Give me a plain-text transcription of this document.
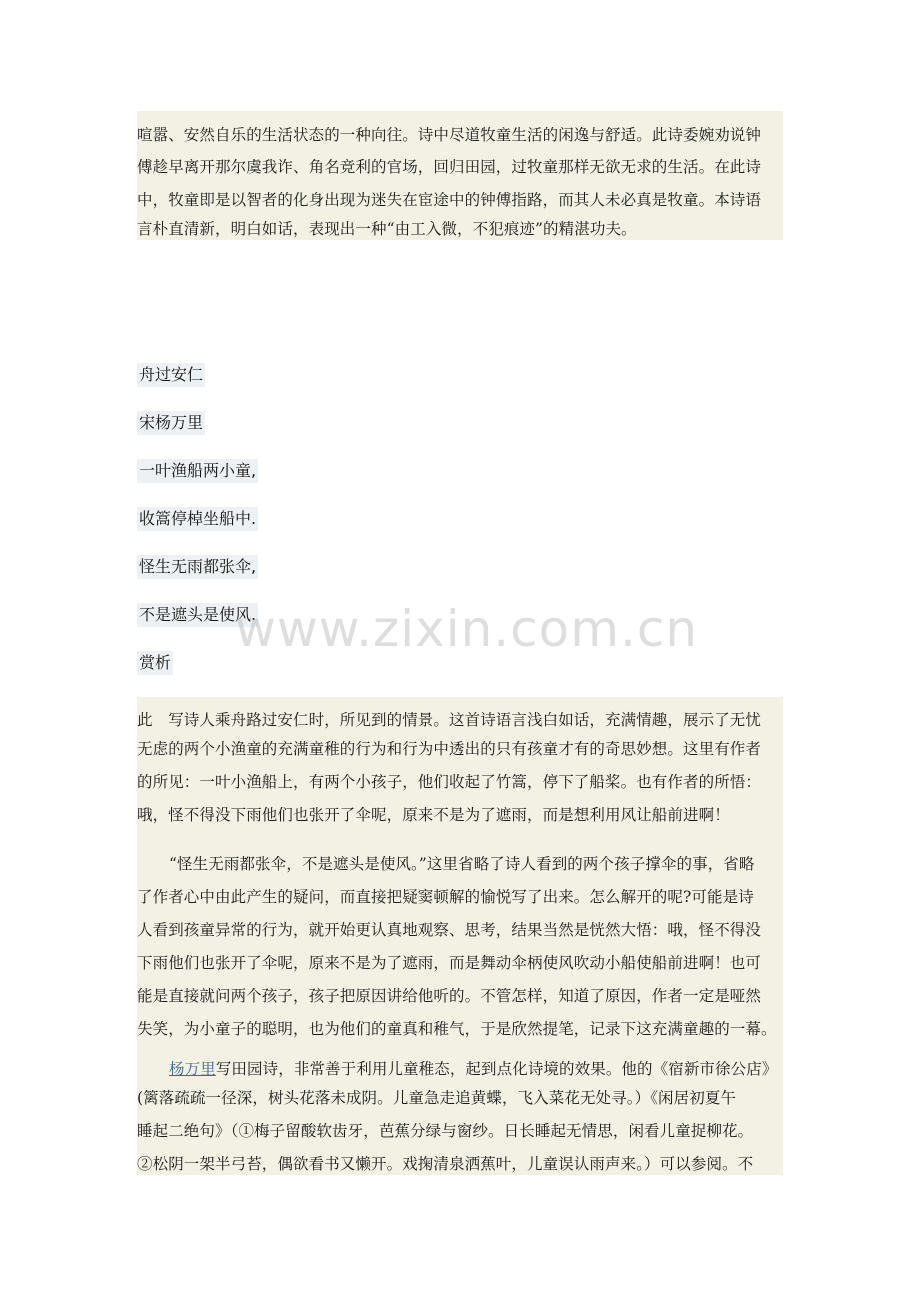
喧嚣、安然自乐的生活状态的一种向往。诗中尽道牧童生活的闲逸与舒适。此诗委婉劝说钟
傅趁早离开那尔虞我诈、角名竞利的官场，回归田园，过牧童那样无欲无求的生活。在此诗
中，牧童即是以智者的化身出现为迷失在宦途中的钟傅指路，而其人未必真是牧童。本诗语
言朴直清新，明白如话，表现出一种“由工入微，不犯痕迹”的精湛功夫。
舟过安仁
宋杨万里
一叶渔船两小童,
收篙停棹坐船中.
怪生无雨都张伞,
不是遮头是使风.
赏析
此　写诗人乘舟路过安仁时，所见到的情景。这首诗语言浅白如话，充满情趣，展示了无忧
无虑的两个小渔童的充满童稚的行为和行为中透出的只有孩童才有的奇思妙想。这里有作者
的所见：一叶小渔船上，有两个小孩子，他们收起了竹篙，停下了船桨。也有作者的所悟：
哦，怪不得没下雨他们也张开了伞呢，原来不是为了遮雨，而是想利用风让船前进啊！
“怪生无雨都张伞，不是遮头是使风。”这里省略了诗人看到的两个孩子撑伞的事，省略
了作者心中由此产生的疑问，而直接把疑窦顿解的愉悦写了出来。怎么解开的呢?可能是诗
人看到孩童异常的行为，就开始更认真地观察、思考，结果当然是恍然大悟：哦，怪不得没
下雨他们也张开了伞呢，原来不是为了遮雨，而是舞动伞柄使风吹动小船使船前进啊！也可
能是直接就问两个孩子，孩子把原因讲给他听的。不管怎样，知道了原因，作者一定是哑然
失笑，为小童子的聪明，也为他们的童真和稚气，于是欣然提笔，记录下这充满童趣的一幕。
杨万里写田园诗，非常善于利用儿童稚态，起到点化诗境的效果。他的《宿新市徐公店》
(篱落疏疏一径深，树头花落未成阴。儿童急走追黄蝶，飞入菜花无处寻。）《闲居初夏午
睡起二绝句》（①梅子留酸软齿牙，芭蕉分绿与窗纱。日长睡起无情思，闲看儿童捉柳花。
②松阴一架半弓苔，偶欲看书又懒开。戏掬清泉洒蕉叶，儿童误认雨声来。）可以参阅。不
www.zixin.com.cn
